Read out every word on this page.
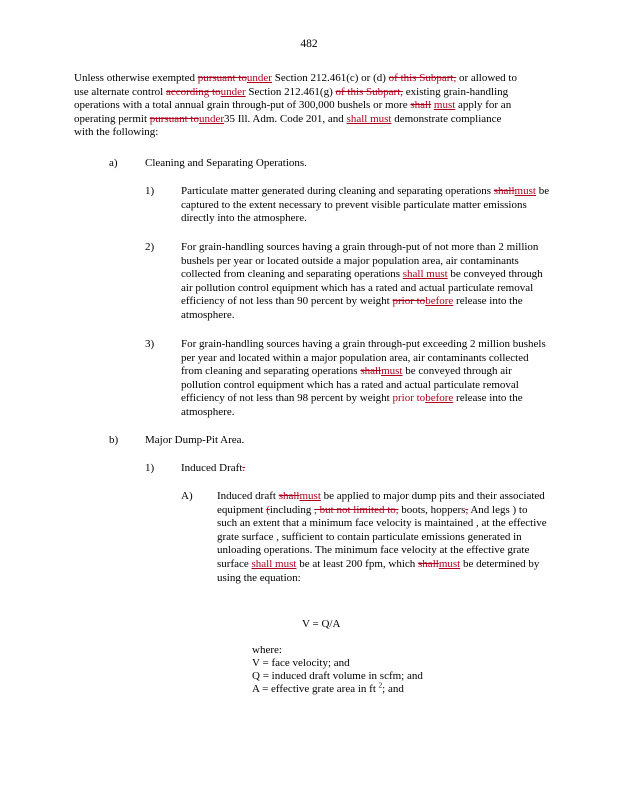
482
Unless otherwise exempted pursuant tounder Section 212.461(c) or (d) of this Subpart, or allowed to use alternate control according tounder Section 212.461(g) of this Subpart, existing grain-handling operations with a total annual grain through-put of 300,000 bushels or more shall must apply for an operating permit pursuant tounder35 Ill. Adm. Code 201, and shall must demonstrate compliance with the following:
a) Cleaning and Separating Operations.
1) Particulate matter generated during cleaning and separating operations shallmust be captured to the extent necessary to prevent visible particulate matter emissions directly into the atmosphere.
2) For grain-handling sources having a grain through-put of not more than 2 million bushels per year or located outside a major population area, air contaminants collected from cleaning and separating operations shall must be conveyed through air pollution control equipment which has a rated and actual particulate removal efficiency of not less than 90 percent by weight prior tobefore release into the atmosphere.
3) For grain-handling sources having a grain through-put exceeding 2 million bushels per year and located within a major population area, air contaminants collected from cleaning and separating operations shallmust be conveyed through air pollution control equipment which has a rated and actual particulate removal efficiency of not less than 98 percent by weight prior tobefore release into the atmosphere.
b) Major Dump-Pit Area.
1) Induced Draft.
A) Induced draft shallmust be applied to major dump pits and their associated equipment (including , but not limited to, boots, hoppers, And legs ) to such an extent that a minimum face velocity is maintained , at the effective grate surface , sufficient to contain particulate emissions generated in unloading operations. The minimum face velocity at the effective grate surface shall must be at least 200 fpm, which shallmust be determined by using the equation:
V = Q/A
where:
V = face velocity; and
Q = induced draft volume in scfm; and
A = effective grate area in ft $^2$; and
